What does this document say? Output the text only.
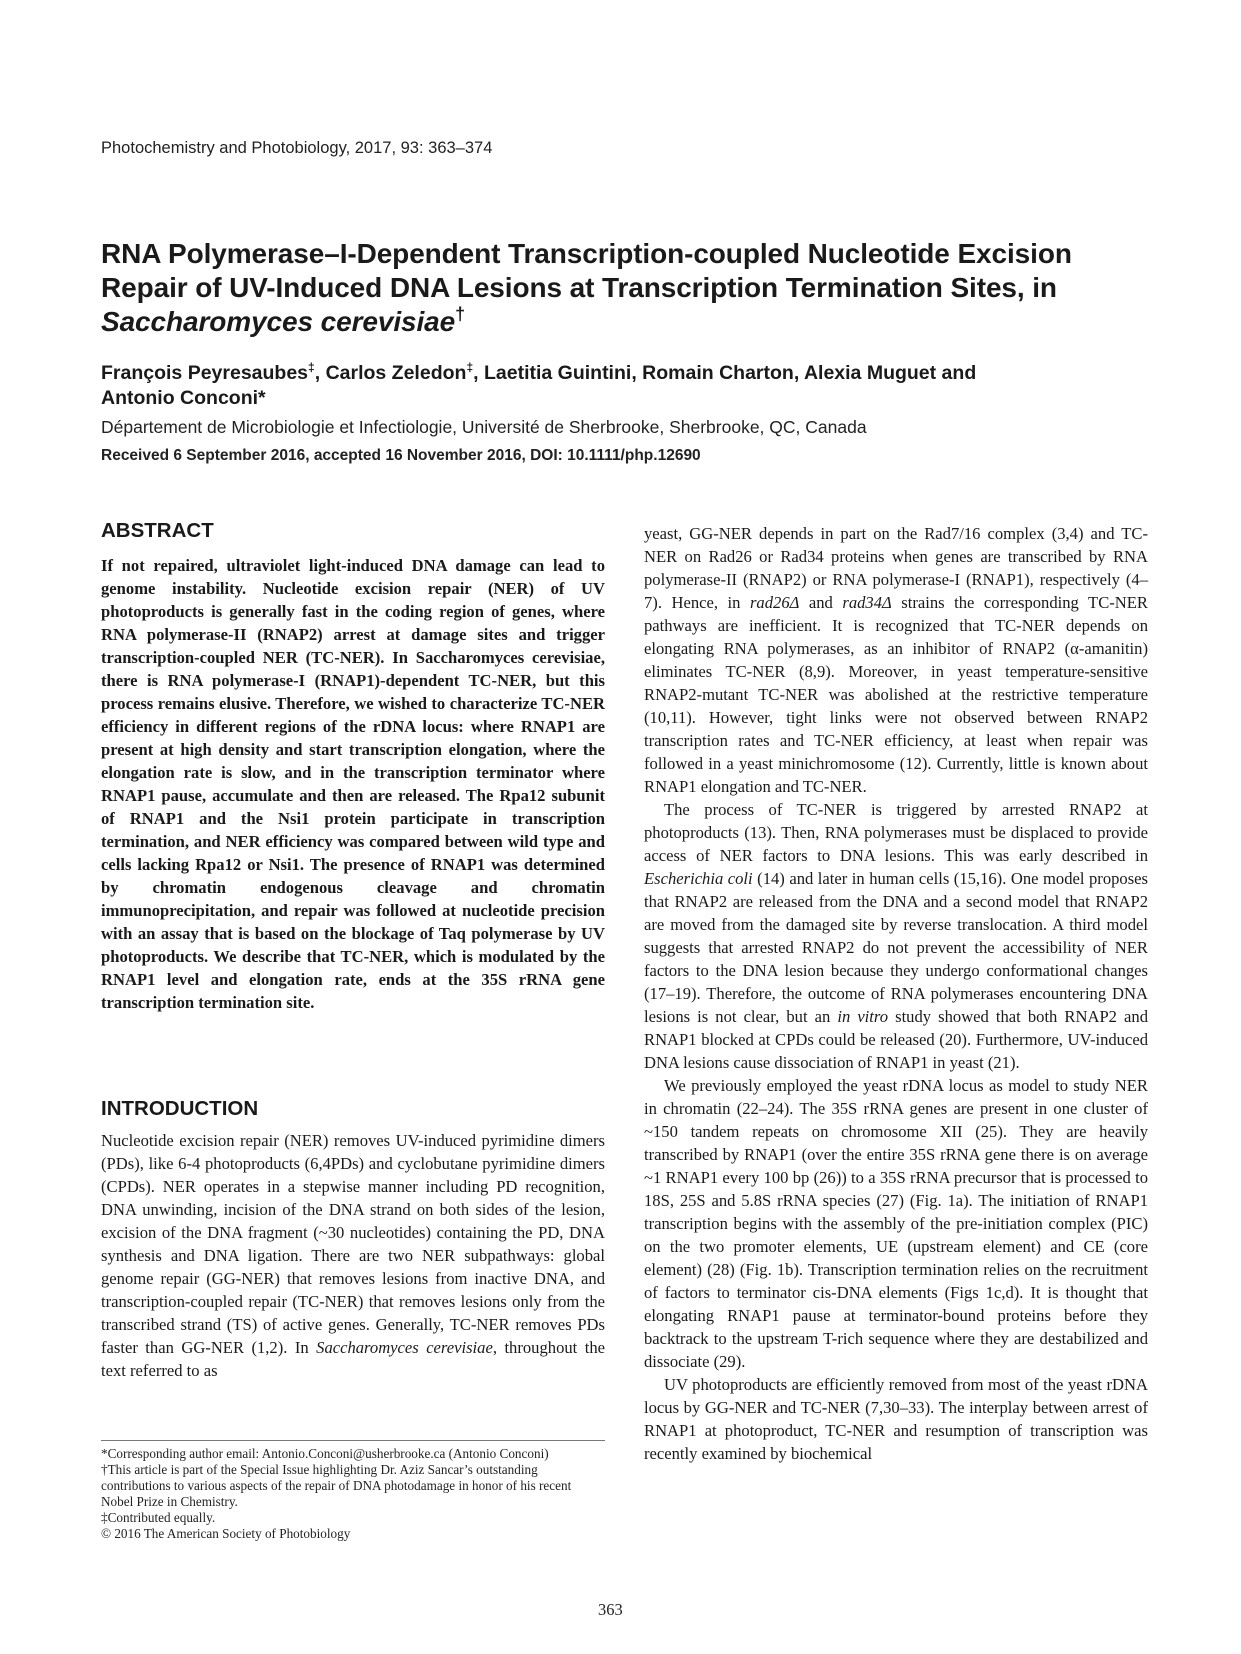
Photochemistry and Photobiology, 2017, 93: 363–374
RNA Polymerase–I-Dependent Transcription-coupled Nucleotide Excision Repair of UV-Induced DNA Lesions at Transcription Termination Sites, in
Saccharomyces cerevisiae†

François Peyresaubes‡, Carlos Zeledon‡, Laetitia Guintini, Romain Charton, Alexia Muguet and
Antonio Conconi*

Département de Microbiologie et Infectiologie, Université de Sherbrooke, Sherbrooke, QC, Canada
Received 6 September 2016, accepted 16 November 2016, DOI: 10.1111/php.12690
ABSTRACT

If not repaired, ultraviolet light-induced DNA damage can lead to genome instability. Nucleotide excision repair (NER) of UV photoproducts is generally fast in the coding region of genes, where RNA polymerase-II (RNAP2) arrest at damage sites and trigger transcription-coupled NER (TC-NER). In Saccharomyces cerevisiae, there is RNA polymerase-I (RNAP1)-dependent TC-NER, but this process remains elusive. Therefore, we wished to characterize TC-NER efficiency in different regions of the rDNA locus: where RNAP1 are present at high density and start transcription elongation, where the elongation rate is slow, and in the transcription terminator where RNAP1 pause, accumulate and then are released. The Rpa12 subunit of RNAP1 and the Nsi1 protein participate in transcription termination, and NER efficiency was compared between wild type and cells lacking Rpa12 or Nsi1. The presence of RNAP1 was determined by chromatin endogenous cleavage and chromatin immunoprecipitation, and repair was followed at nucleotide precision with an assay that is based on the blockage of Taq polymerase by UV photoproducts. We describe that TC-NER, which is modulated by the RNAP1 level and elongation rate, ends at the 35S rRNA gene transcription termination site.

INTRODUCTION

Nucleotide excision repair (NER) removes UV-induced pyrimidine dimers (PDs), like 6-4 photoproducts (6,4PDs) and cyclobutane pyrimidine dimers (CPDs). NER operates in a stepwise manner including PD recognition, DNA unwinding, incision of the DNA strand on both sides of the lesion, excision of the DNA fragment (~30 nucleotides) containing the PD, DNA synthesis and DNA ligation. There are two NER subpathways: global genome repair (GG-NER) that removes lesions from inactive DNA, and transcription-coupled repair (TC-NER) that removes lesions only from the transcribed strand (TS) of active genes. Generally, TC-NER removes PDs faster than GG-NER (1,2). In Saccharomyces cerevisiae, throughout the text referred to as

yeast, GG-NER depends in part on the Rad7/16 complex (3,4) and TC-NER on Rad26 or Rad34 proteins when genes are transcribed by RNA polymerase-II (RNAP2) or RNA polymerase-I (RNAP1), respectively (4–7). Hence, in rad26Δ and rad34Δ strains the corresponding TC-NER pathways are inefficient. It is recognized that TC-NER depends on elongating RNA polymerases, as an inhibitor of RNAP2 (α-amanitin) eliminates TC-NER (8,9). Moreover, in yeast temperature-sensitive RNAP2-mutant TC-NER was abolished at the restrictive temperature (10,11). However, tight links were not observed between RNAP2 transcription rates and TC-NER efficiency, at least when repair was followed in a yeast minichromosome (12). Currently, little is known about RNAP1 elongation and TC-NER.

The process of TC-NER is triggered by arrested RNAP2 at photoproducts (13). Then, RNA polymerases must be displaced to provide access of NER factors to DNA lesions. This was early described in Escherichia coli (14) and later in human cells (15,16). One model proposes that RNAP2 are released from the DNA and a second model that RNAP2 are moved from the damaged site by reverse translocation. A third model suggests that arrested RNAP2 do not prevent the accessibility of NER factors to the DNA lesion because they undergo conformational changes (17–19). Therefore, the outcome of RNA polymerases encountering DNA lesions is not clear, but an in vitro study showed that both RNAP2 and RNAP1 blocked at CPDs could be released (20). Furthermore, UV-induced DNA lesions cause dissociation of RNAP1 in yeast (21).

We previously employed the yeast rDNA locus as model to study NER in chromatin (22–24). The 35S rRNA genes are present in one cluster of ~150 tandem repeats on chromosome XII (25). They are heavily transcribed by RNAP1 (over the entire 35S rRNA gene there is on average ~1 RNAP1 every 100 bp (26)) to a 35S rRNA precursor that is processed to 18S, 25S and 5.8S rRNA species (27) (Fig. 1a). The initiation of RNAP1 transcription begins with the assembly of the pre-initiation complex (PIC) on the two promoter elements, UE (upstream element) and CE (core element) (28) (Fig. 1b). Transcription termination relies on the recruitment of factors to terminator cis-DNA elements (Figs 1c,d). It is thought that elongating RNAP1 pause at terminator-bound proteins before they backtrack to the upstream T-rich sequence where they are destabilized and dissociate (29).

UV photoproducts are efficiently removed from most of the yeast rDNA locus by GG-NER and TC-NER (7,30–33). The interplay between arrest of RNAP1 at photoproduct, TC-NER and resumption of transcription was recently examined by biochemical

*Corresponding author email: Antonio.Conconi@usherbrooke.ca (Antonio Conconi)
†This article is part of the Special Issue highlighting Dr. Aziz Sancar’s outstanding contributions to various aspects of the repair of DNA photodamage in honor of his recent Nobel Prize in Chemistry.
‡Contributed equally.
© 2016 The American Society of Photobiology
363
